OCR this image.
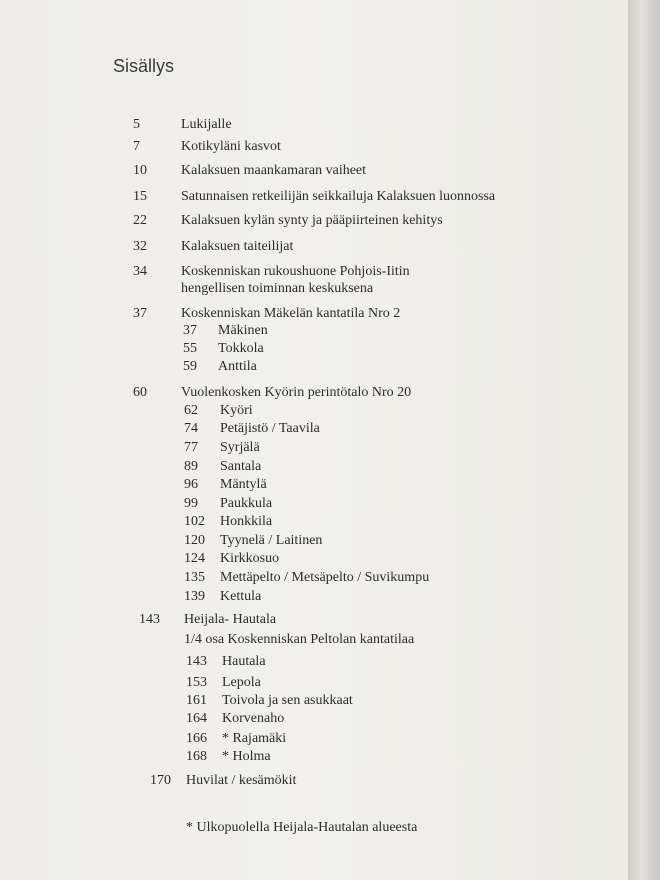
Sisällys
5	Lukijalle
7	Kotikyläni kasvot
10 Kalaksuen maankamaran vaiheet
15 Satunnaisen retkeilijän seikkailuja Kalaksuen luonnossa
22 Kalaksuen kylän synty ja pääpiirteinen kehitys
32 Kalaksuen taiteilijat
34 Koskenniskan rukoushuone Pohjois-Iitin
hengellisen toiminnan keskuksena
37 Koskenniskan Mäkelän kantatila Nro 2
37 Mäkinen
55 Tokkola
59 Anttila
60 Vuolenkosken Kyörin perintötalo Nro 20
62 Kyöri
74 Petäjistö / Taavila
77 Syrjälä
89 Santala
96 Mäntylä
99 Paukkula
102 Honkkila
120 Tyynelä / Laitinen
124 Kirkkosuo
135 Mettäpelto / Metsäpelto / Suvikumpu
139 Kettula
143 Heijala- Hautala
1/4 osa Koskenniskan Peltolan kantatilaa
143 Hautala
153 Lepola
161 Toivola ja sen asukkaat
164 Korvenaho
166 * Rajamäki
168 * Holma
170 Huvilat / kesämökit
* Ulkopuolella Heijala-Hautalan alueesta
